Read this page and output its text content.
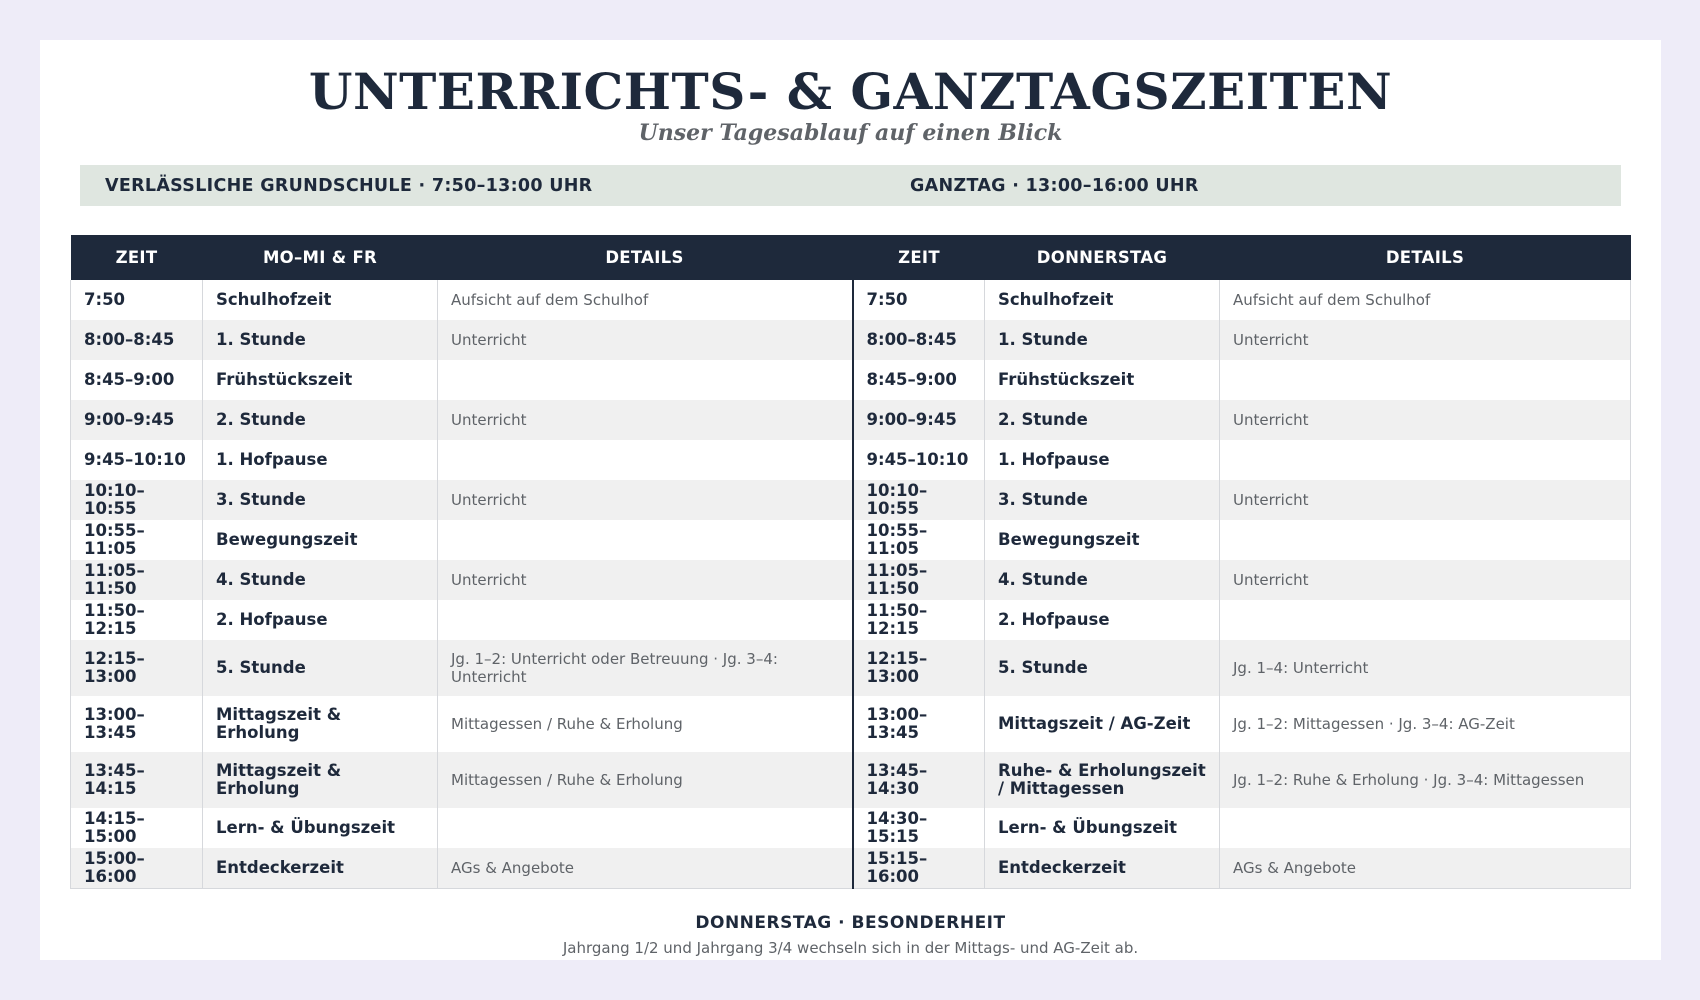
UNTERRICHTS- & GANZTAGSZEITEN
Unser Tagesablauf auf einen Blick
VERLÄSSLICHE GRUNDSCHULE · 7:50–13:00 UHR	GANZTAG · 13:00–16:00 UHR
ZEIT	MO–MI & FR	DETAILS	ZEIT	DONNERSTAG	DETAILS
7:50	Schulhofzeit	Aufsicht auf dem Schulhof	7:50	Schulhofzeit	Aufsicht auf dem Schulhof
8:00–8:45	1. Stunde	Unterricht	8:00–8:45	1. Stunde	Unterricht
8:45–9:00	Frühstückszeit		8:45–9:00	Frühstückszeit	
9:00–9:45	2. Stunde	Unterricht	9:00–9:45	2. Stunde	Unterricht
9:45–10:10	1. Hofpause		9:45–10:10	1. Hofpause	
10:10–10:55	3. Stunde	Unterricht	10:10–10:55	3. Stunde	Unterricht
10:55–11:05	Bewegungszeit		10:55–11:05	Bewegungszeit	
11:05–11:50	4. Stunde	Unterricht	11:05–11:50	4. Stunde	Unterricht
11:50–12:15	2. Hofpause		11:50–12:15	2. Hofpause	
12:15–13:00	5. Stunde	Jg. 1–2: Unterricht oder Betreuung · Jg. 3–4: Unterricht	12:15–13:00	5. Stunde	Jg. 1–4: Unterricht
13:00–13:45	Mittagszeit & Erholung	Mittagessen / Ruhe & Erholung	13:00–13:45	Mittagszeit / AG-Zeit	Jg. 1–2: Mittagessen · Jg. 3–4: AG-Zeit
13:45–14:15	Mittagszeit & Erholung	Mittagessen / Ruhe & Erholung	13:45–14:30	Ruhe- & Erholungszeit / Mittagessen	Jg. 1–2: Ruhe & Erholung · Jg. 3–4: Mittagessen
14:15–15:00	Lern- & Übungszeit		14:30–15:15	Lern- & Übungszeit	
15:00–16:00	Entdeckerzeit	AGs & Angebote	15:15–16:00	Entdeckerzeit	AGs & Angebote
DONNERSTAG · BESONDERHEIT
Jahrgang 1/2 und Jahrgang 3/4 wechseln sich in der Mittags- und AG-Zeit ab.
